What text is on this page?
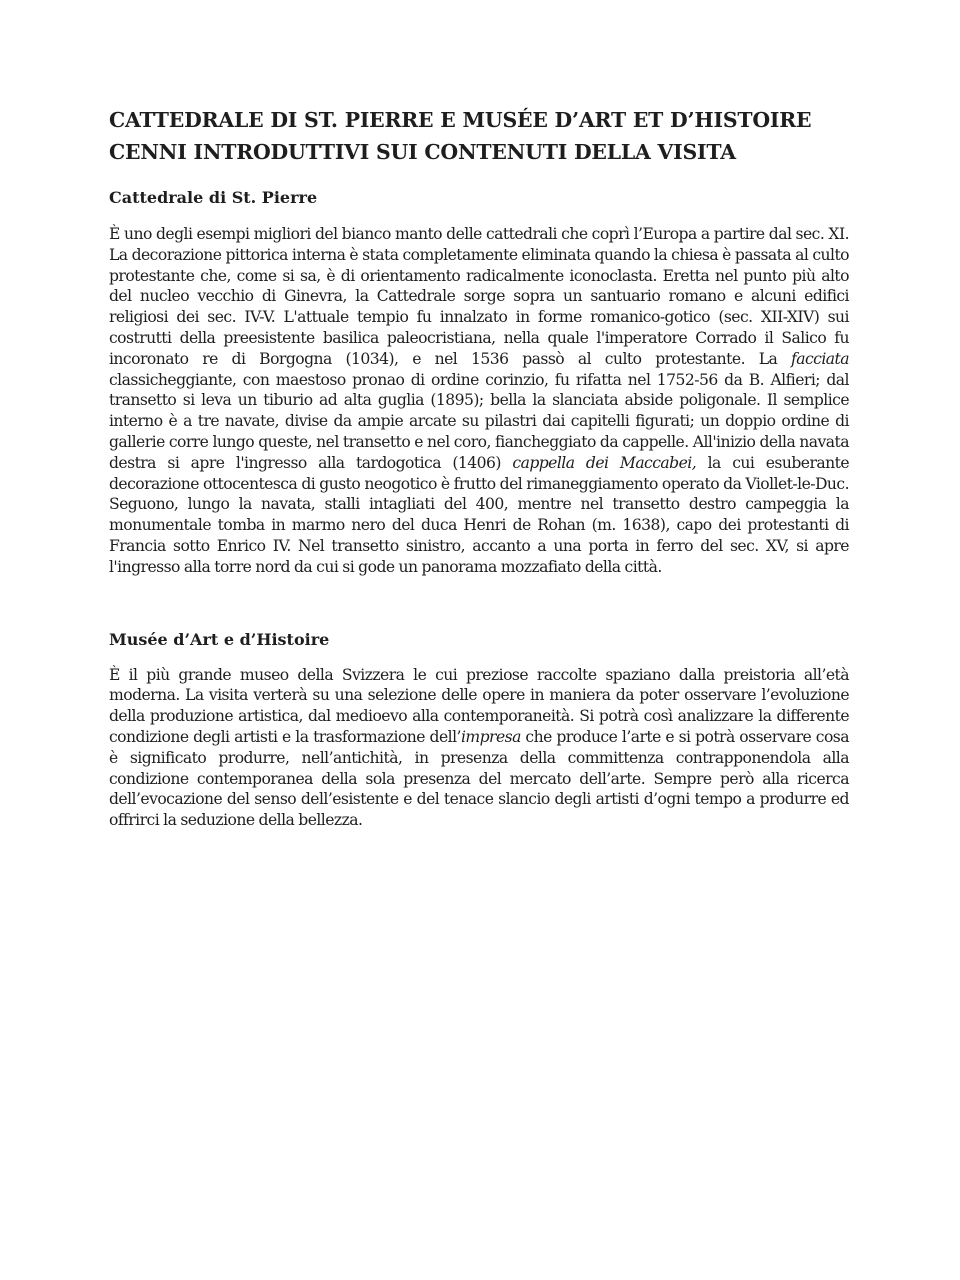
CATTEDRALE DI ST. PIERRE E MUSÉE D’ART ET D’HISTOIRE
CENNI INTRODUTTIVI SUI CONTENUTI DELLA VISITA
Cattedrale di St. Pierre

È uno degli esempi migliori del bianco manto delle cattedrali che coprì l’Europa a partire dal sec. XI. La decorazione pittorica interna è stata completamente eliminata quando la chiesa è passata al culto protestante che, come si sa, è di orientamento radicalmente iconoclasta. Eretta nel punto più alto del nucleo vecchio di Ginevra, la Cattedrale sorge sopra un santuario romano e alcuni edifici religiosi dei sec. IV-V. L'attuale tempio fu innalzato in forme romanico-gotico (sec. XII-XIV) sui costrutti della preesistente basilica paleocristiana, nella quale l'imperatore Corrado il Salico fu incoronato re di Borgogna (1034), e nel 1536 passò al culto protestante. La facciata classicheggiante, con maestoso pronao di ordine corinzio, fu rifatta nel 1752-56 da B. Alfieri; dal transetto si leva un tiburio ad alta guglia (1895); bella la slanciata abside poligonale. Il semplice interno è a tre navate, divise da ampie arcate su pilastri dai capitelli figurati; un doppio ordine di gallerie corre lungo queste, nel transetto e nel coro, fiancheggiato da cappelle. All'inizio della navata destra si apre l'ingresso alla tardogotica (1406) cappella dei Maccabei, la cui esuberante decorazione ottocentesca di gusto neogotico è frutto del rimaneggiamento operato da Viollet-le-Duc. Seguono, lungo la navata, stalli intagliati del 400, mentre nel transetto destro campeggia la monumentale tomba in marmo nero del duca Henri de Rohan (m. 1638), capo dei protestanti di Francia sotto Enrico IV. Nel transetto sinistro, accanto a una porta in ferro del sec. XV, si apre l'ingresso alla torre nord da cui si gode un panorama mozzafiato della città.

Musée d’Art e d’Histoire

È il più grande museo della Svizzera le cui preziose raccolte spaziano dalla preistoria all’età moderna. La visita verterà su una selezione delle opere in maniera da poter osservare l’evoluzione della produzione artistica, dal medioevo alla contemporaneità. Si potrà così analizzare la differente condizione degli artisti e la trasformazione dell’impresa che produce l’arte e si potrà osservare cosa è significato produrre, nell’antichità, in presenza della committenza contrapponendola alla condizione contemporanea della sola presenza del mercato dell’arte. Sempre però alla ricerca dell’evocazione del senso dell’esistente e del tenace slancio degli artisti d’ogni tempo a produrre ed offrirci la seduzione della bellezza.
